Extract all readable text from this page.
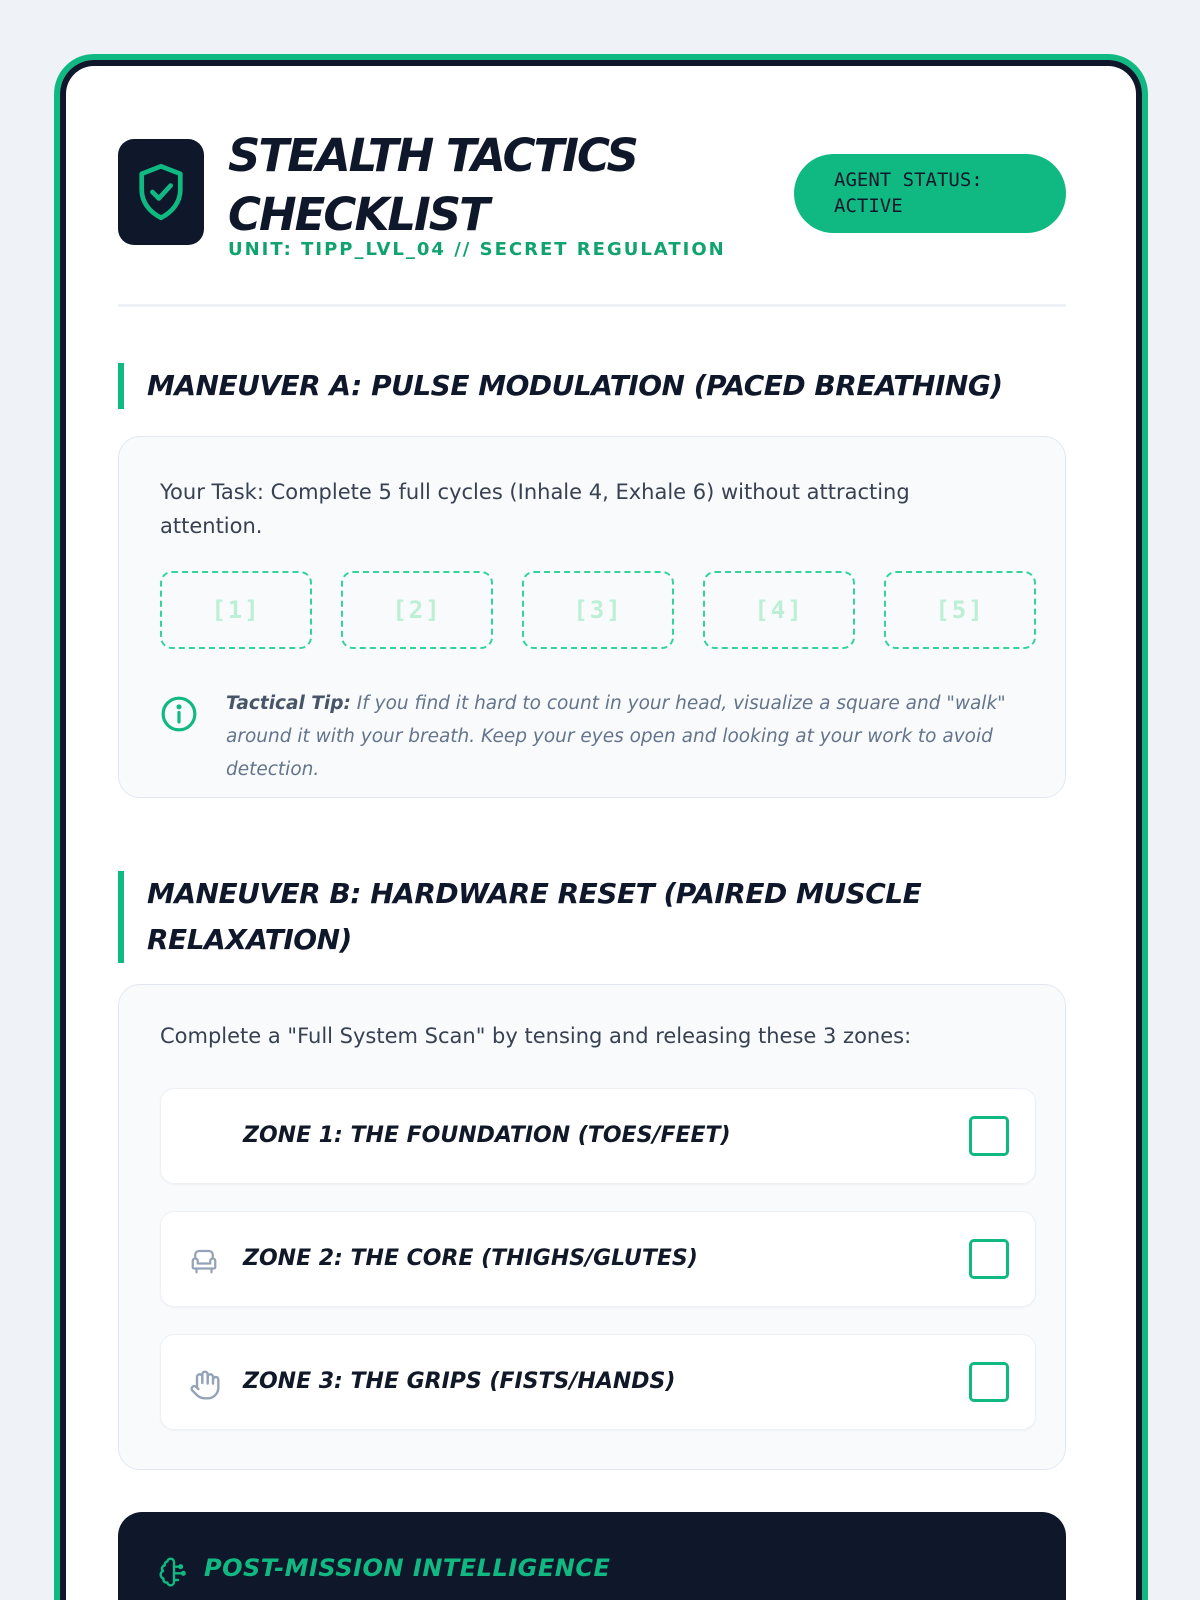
STEALTH TACTICS CHECKLIST
UNIT: TIPP_LVL_04 // SECRET REGULATION
AGENT STATUS:
ACTIVE
MANEUVER A: PULSE MODULATION (PACED BREATHING)
Your Task: Complete 5 full cycles (Inhale 4, Exhale 6) without attracting attention.
[1]	[2]	[3]	[4]	[5]
Tactical Tip: If you find it hard to count in your head, visualize a square and "walk" around it with your breath. Keep your eyes open and looking at your work to avoid detection.
MANEUVER B: HARDWARE RESET (PAIRED MUSCLE RELAXATION)
Complete a "Full System Scan" by tensing and releasing these 3 zones:
ZONE 1: THE FOUNDATION (TOES/FEET)
ZONE 2: THE CORE (THIGHS/GLUTES)
ZONE 3: THE GRIPS (FISTS/HANDS)
POST-MISSION INTELLIGENCE
